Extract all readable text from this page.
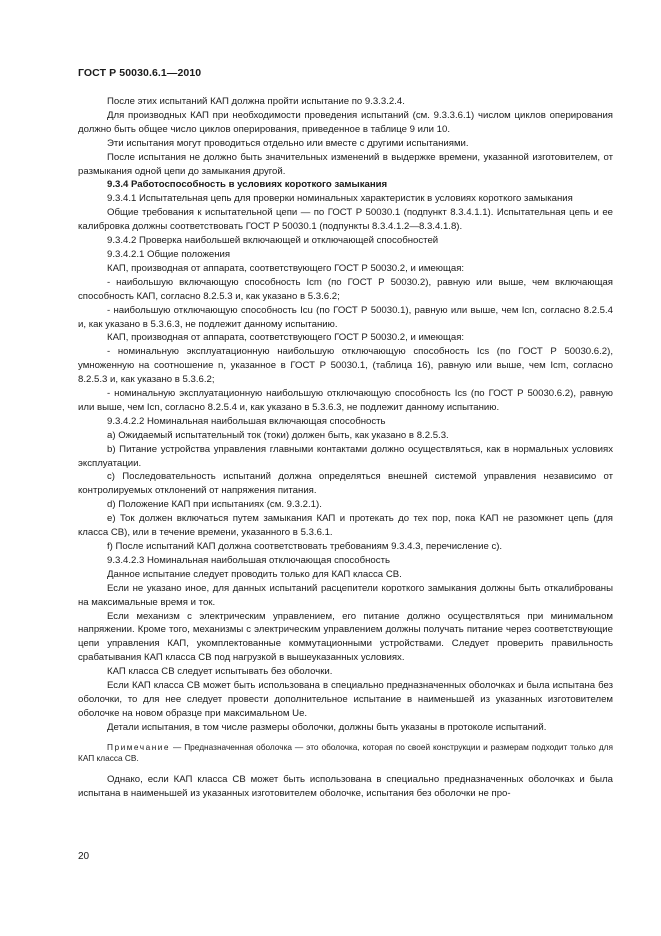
ГОСТ Р 50030.6.1—2010

После этих испытаний КАП должна пройти испытание по 9.3.3.2.4.

Для производных КАП при необходимости проведения испытаний (см. 9.3.3.6.1) числом циклов оперирования должно быть общее число циклов оперирования, приведенное в таблице 9 или 10.

Эти испытания могут проводиться отдельно или вместе с другими испытаниями.

После испытания не должно быть значительных изменений в выдержке времени, указанной изготовителем, от размыкания одной цепи до замыкания другой.

9.3.4 Работоспособность в условиях короткого замыкания

9.3.4.1 Испытательная цепь для проверки номинальных характеристик в условиях короткого замыкания

Общие требования к испытательной цепи — по ГОСТ Р 50030.1 (подпункт 8.3.4.1.1). Испытательная цепь и ее калибровка должны соответствовать ГОСТ Р 50030.1 (подпункты 8.3.4.1.2—8.3.4.1.8).

9.3.4.2 Проверка наибольшей включающей и отключающей способностей

9.3.4.2.1 Общие положения

КАП, производная от аппарата, соответствующего ГОСТ Р 50030.2, и имеющая:

- наибольшую включающую способность Icm (по ГОСТ Р 50030.2), равную или выше, чем включающая способность КАП, согласно 8.2.5.3 и, как указано в 5.3.6.2;

- наибольшую отключающую способность Icu (по ГОСТ Р 50030.1), равную или выше, чем Icn, согласно 8.2.5.4 и, как указано в 5.3.6.3, не подлежит данному испытанию.

КАП, производная от аппарата, соответствующего ГОСТ Р 50030.2, и имеющая:

- номинальную эксплуатационную наибольшую отключающую способность Ics (по ГОСТ Р 50030.6.2), умноженную на соотношение n, указанное в ГОСТ Р 50030.1, (таблица 16), равную или выше, чем Icm, согласно 8.2.5.3 и, как указано в 5.3.6.2;

- номинальную эксплуатационную наибольшую отключающую способность Ics (по ГОСТ Р 50030.6.2), равную или выше, чем Icn, согласно 8.2.5.4 и, как указано в 5.3.6.3, не подлежит данному испытанию.

9.3.4.2.2 Номинальная наибольшая включающая способность

а) Ожидаемый испытательный ток (токи) должен быть, как указано в 8.2.5.3.

b) Питание устройства управления главными контактами должно осуществляться, как в нормальных условиях эксплуатации.

c) Последовательность испытаний должна определяться внешней системой управления независимо от контролируемых отклонений от напряжения питания.

d) Положение КАП при испытаниях (см. 9.3.2.1).

e) Ток должен включаться путем замыкания КАП и протекать до тех пор, пока КАП не разомкнет цепь (для класса СВ), или в течение времени, указанного в 5.3.6.1.

f) После испытаний КАП должна соответствовать требованиям 9.3.4.3, перечисление с).

9.3.4.2.3 Номинальная наибольшая отключающая способность

Данное испытание следует проводить только для КАП класса СВ.

Если не указано иное, для данных испытаний расцепители короткого замыкания должны быть откалиброваны на максимальные время и ток.

Если механизм с электрическим управлением, его питание должно осуществляться при минимальном напряжении. Кроме того, механизмы с электрическим управлением должны получать питание через соответствующие цепи управления КАП, укомплектованные коммутационными устройствами. Следует проверить правильность срабатывания КАП класса СВ под нагрузкой в вышеуказанных условиях.

КАП класса СВ следует испытывать без оболочки.

Если КАП класса СВ может быть использована в специально предназначенных оболочках и была испытана без оболочки, то для нее следует провести дополнительное испытание в наименьшей из указанных изготовителем оболочке на новом образце при максимальном Ue.

Детали испытания, в том числе размеры оболочки, должны быть указаны в протоколе испытаний.

Примечание — Предназначенная оболочка — это оболочка, которая по своей конструкции и размерам подходит только для КАП класса СВ.

Однако, если КАП класса СВ может быть использована в специально предназначенных оболочках и была испытана в наименьшей из указанных изготовителем оболочке, испытания без оболочки не про-

20
